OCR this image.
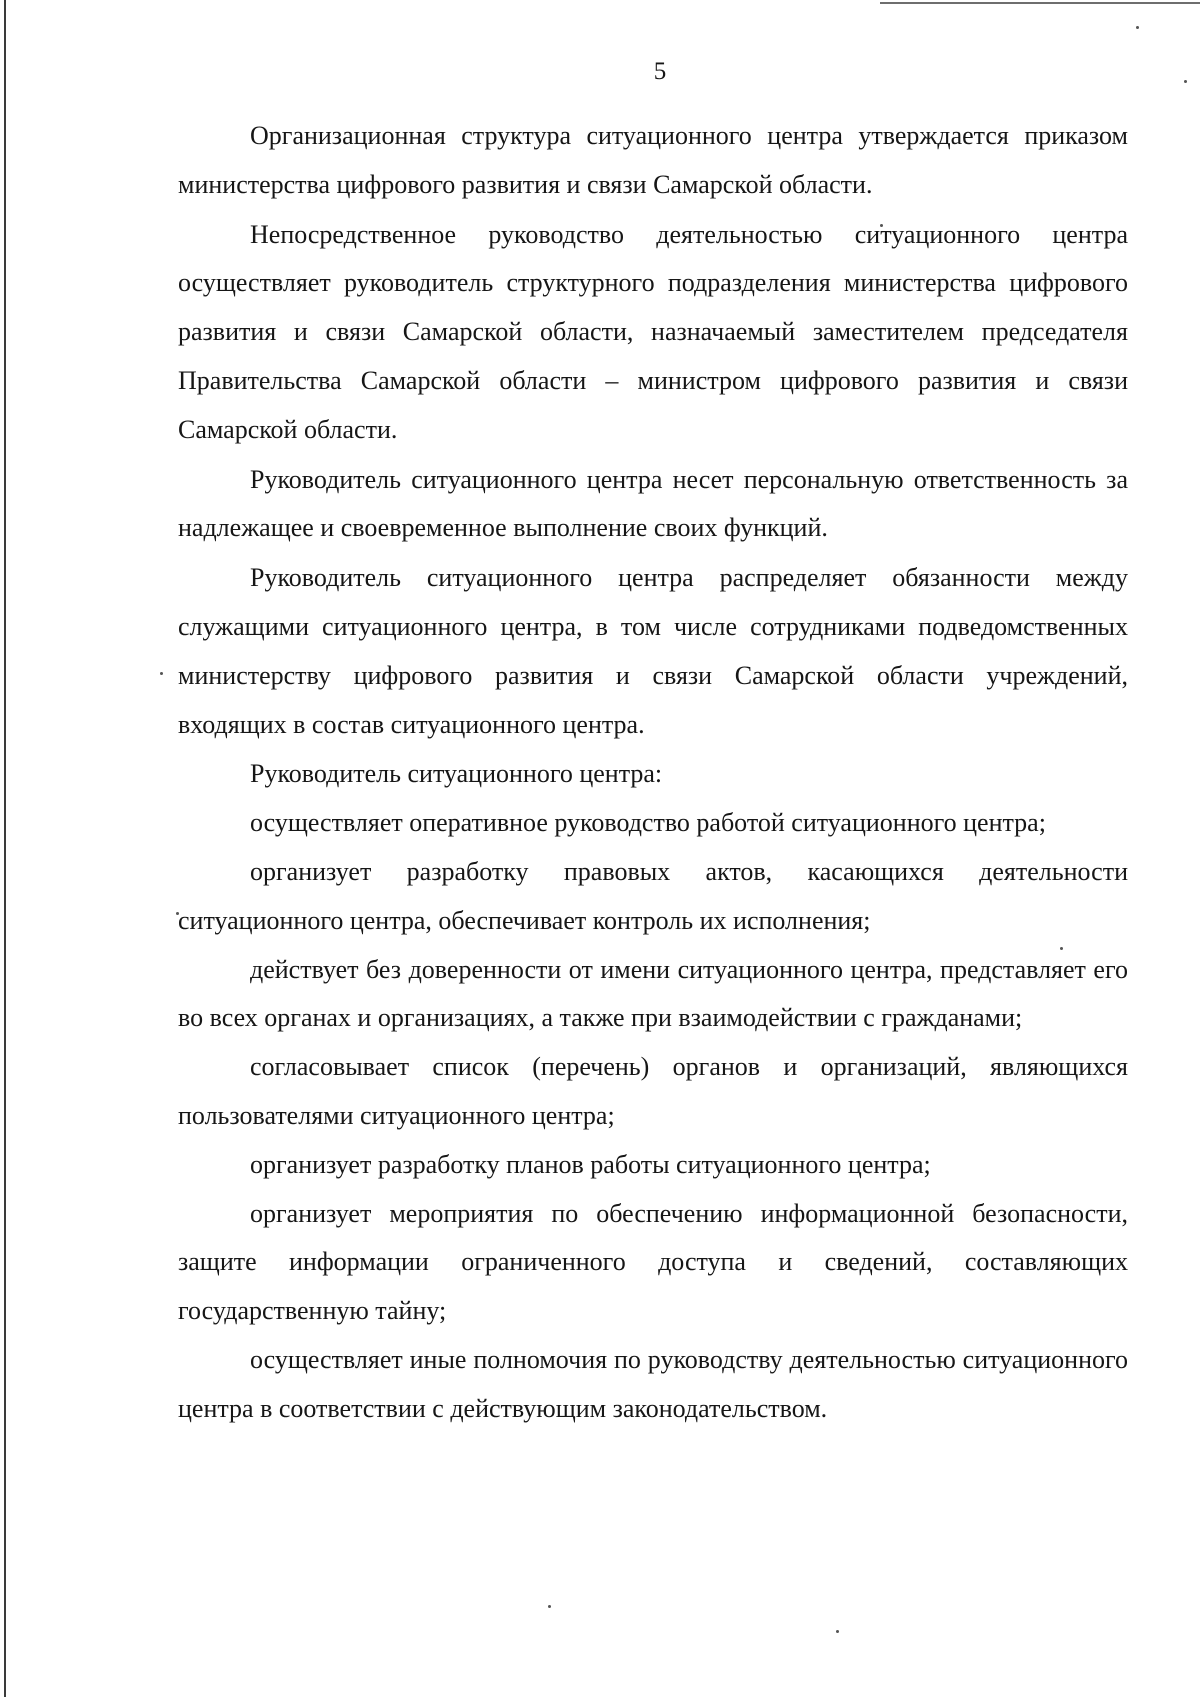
5

Организационная структура ситуационного центра утверждается приказом министерства цифрового развития и связи Самарской области.

Непосредственное руководство деятельностью ситуационного центра осуществляет руководитель структурного подразделения министерства цифрового развития и связи Самарской области, назначаемый заместителем председателя Правительства Самарской области – министром цифрового развития и связи Самарской области.

Руководитель ситуационного центра несет персональную ответственность за надлежащее и своевременное выполнение своих функций.

Руководитель ситуационного центра распределяет обязанности между служащими ситуационного центра, в том числе сотрудниками подведомственных министерству цифрового развития и связи Самарской области учреждений, входящих в состав ситуационного центра.

Руководитель ситуационного центра:

осуществляет оперативное руководство работой ситуационного центра;

организует разработку правовых актов, касающихся деятельности ситуационного центра, обеспечивает контроль их исполнения;

действует без доверенности от имени ситуационного центра, представляет его во всех органах и организациях, а также при взаимодействии с гражданами;

согласовывает список (перечень) органов и организаций, являющихся пользователями ситуационного центра;

организует разработку планов работы ситуационного центра;

организует мероприятия по обеспечению информационной безопасности, защите информации ограниченного доступа и сведений, составляющих государственную тайну;

осуществляет иные полномочия по руководству деятельностью ситуационного центра в соответствии с действующим законодательством.
